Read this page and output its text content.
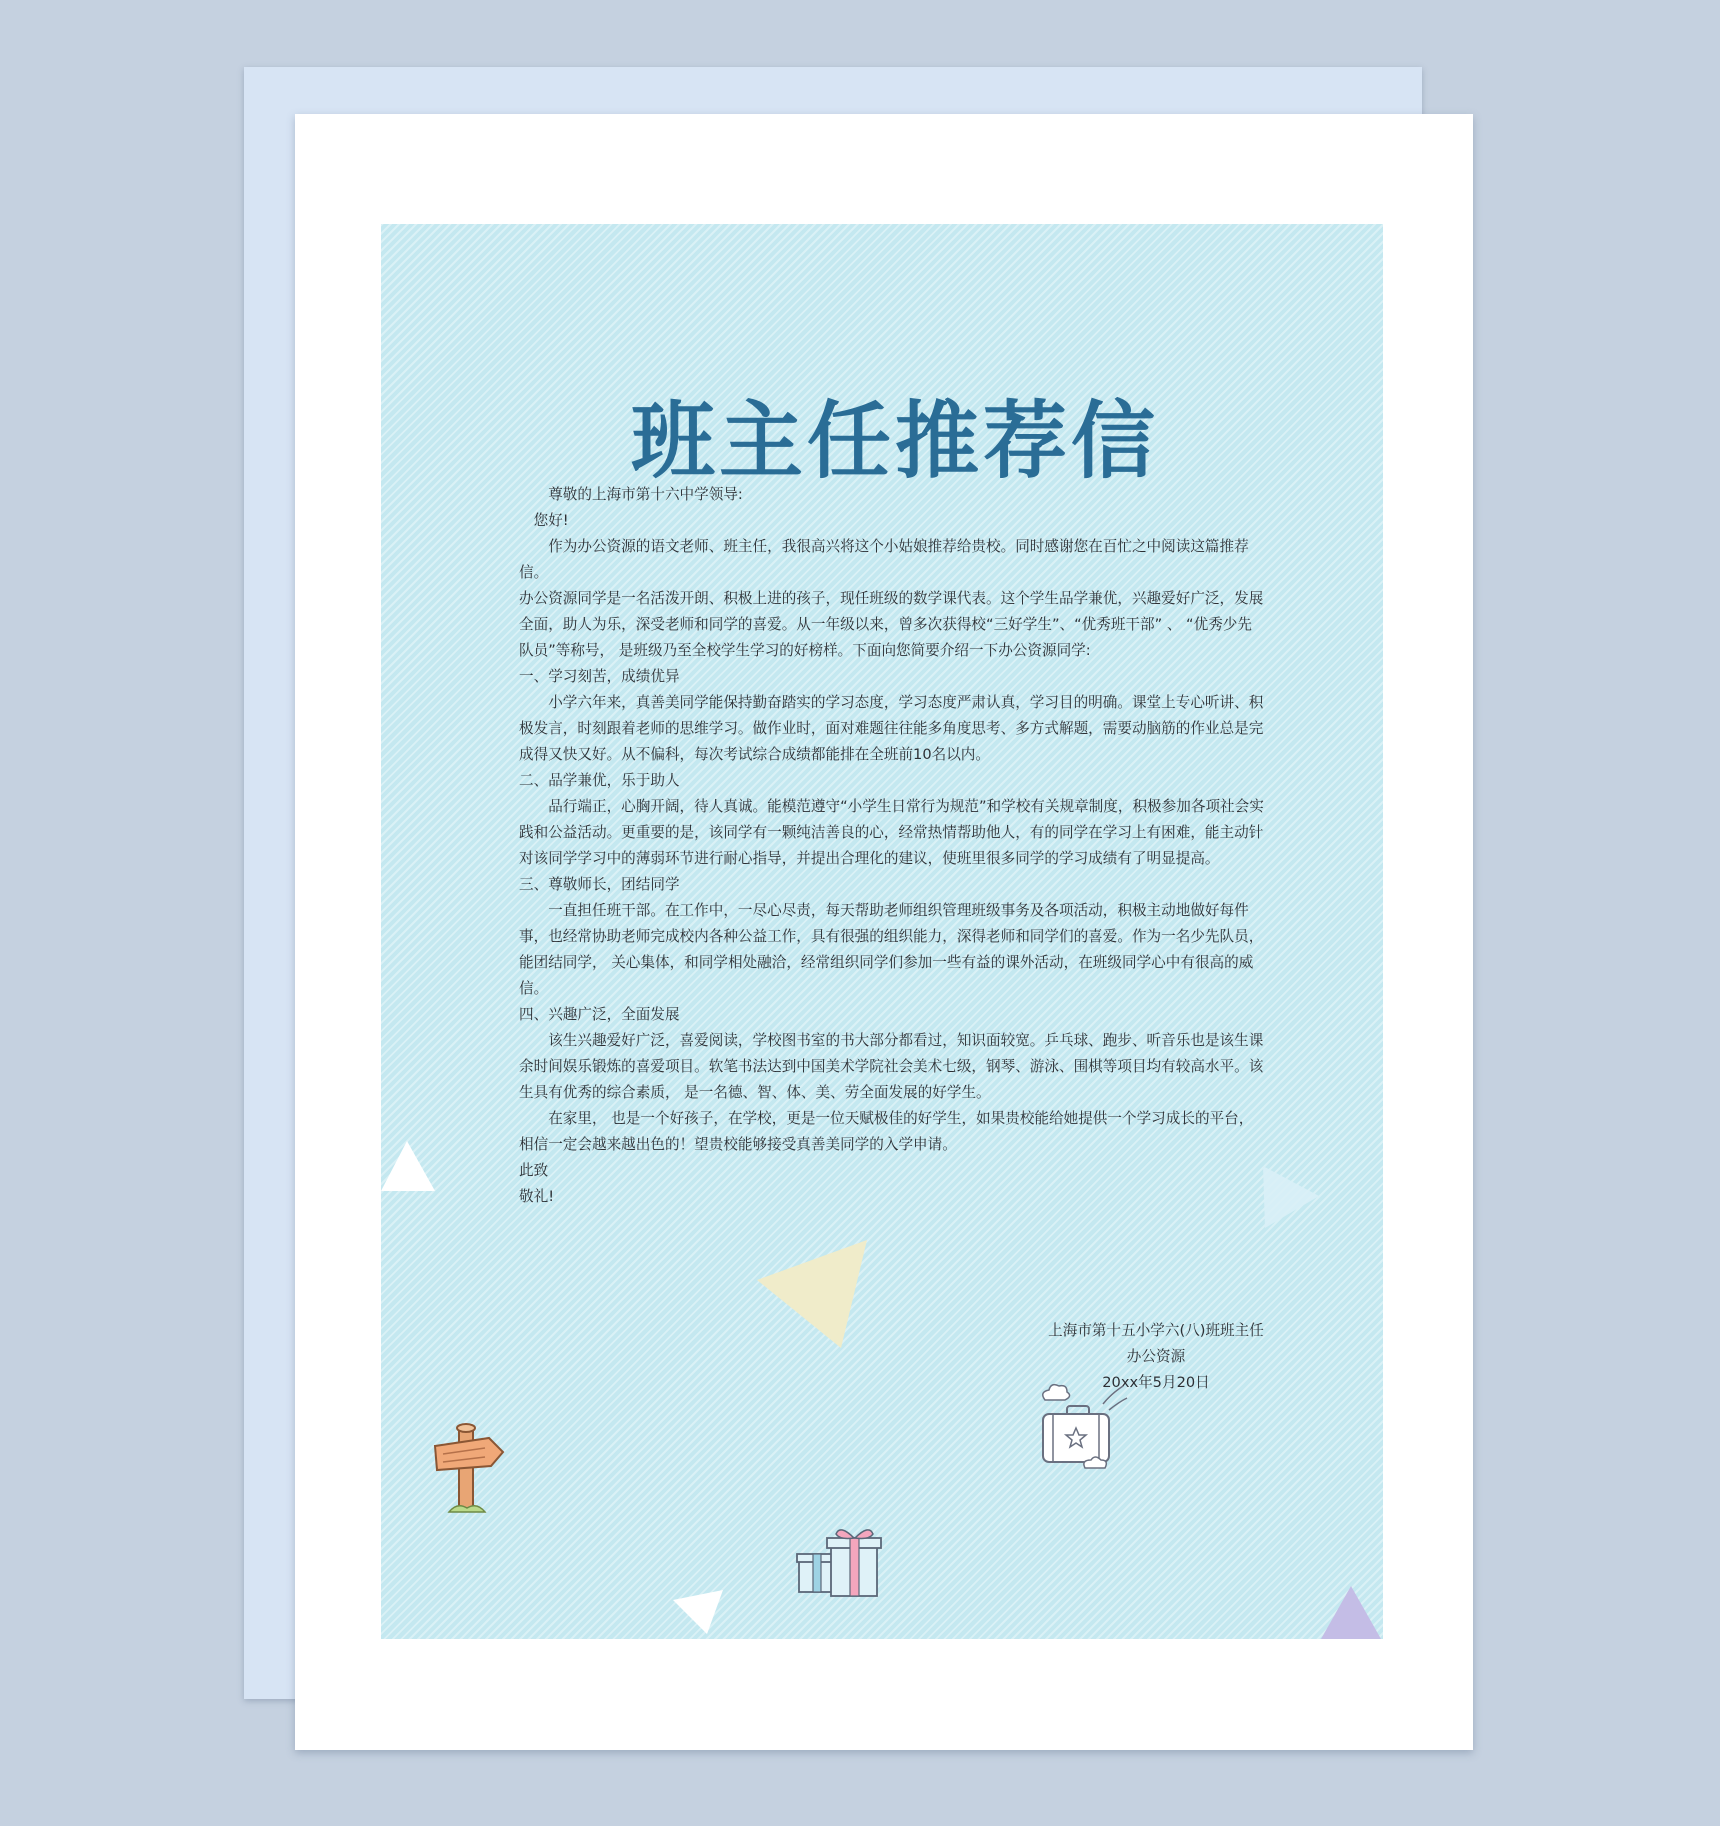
班主任推荐信

尊敬的上海市第十六中学领导:

您好!

作为办公资源的语文老师、班主任，我很高兴将这个小姑娘推荐给贵校。同时感谢您在百忙之中阅读这篇推荐信。

办公资源同学是一名活泼开朗、积极上进的孩子，现任班级的数学课代表。这个学生品学兼优，兴趣爱好广泛，发展全面，助人为乐，深受老师和同学的喜爱。从一年级以来，曾多次获得校“三好学生”、“优秀班干部” 、 “优秀少先队员”等称号， 是班级乃至全校学生学习的好榜样。下面向您简要介绍一下办公资源同学:

一、学习刻苦，成绩优异

小学六年来，真善美同学能保持勤奋踏实的学习态度，学习态度严肃认真，学习目的明确。课堂上专心听讲、积极发言，时刻跟着老师的思维学习。做作业时，面对难题往往能多角度思考、多方式解题，需要动脑筋的作业总是完成得又快又好。从不偏科，每次考试综合成绩都能排在全班前10名以内。

二、品学兼优，乐于助人

品行端正，心胸开阔，待人真诚。能模范遵守“小学生日常行为规范”和学校有关规章制度，积极参加各项社会实践和公益活动。更重要的是，该同学有一颗纯洁善良的心，经常热情帮助他人，有的同学在学习上有困难，能主动针对该同学学习中的薄弱环节进行耐心指导，并提出合理化的建议，使班里很多同学的学习成绩有了明显提高。

三、尊敬师长，团结同学

一直担任班干部。在工作中，一尽心尽责，每天帮助老师组织管理班级事务及各项活动，积极主动地做好每件事，也经常协助老师完成校内各种公益工作，具有很强的组织能力，深得老师和同学们的喜爱。作为一名少先队员，能团结同学， 关心集体，和同学相处融洽，经常组织同学们参加一些有益的课外活动，在班级同学心中有很高的威信。

四、兴趣广泛，全面发展

该生兴趣爱好广泛，喜爱阅读，学校图书室的书大部分都看过，知识面较宽。乒乓球、跑步、听音乐也是该生课余时间娱乐锻炼的喜爱项目。软笔书法达到中国美术学院社会美术七级，钢琴、游泳、围棋等项目均有较高水平。该生具有优秀的综合素质， 是一名德、智、体、美、劳全面发展的好学生。

在家里， 也是一个好孩子，在学校，更是一位天赋极佳的好学生，如果贵校能给她提供一个学习成长的平台， 相信一定会越来越出色的！望贵校能够接受真善美同学的入学申请。

此致

敬礼!

上海市第十五小学六(八)班班主任
办公资源
20xx年5月20日
